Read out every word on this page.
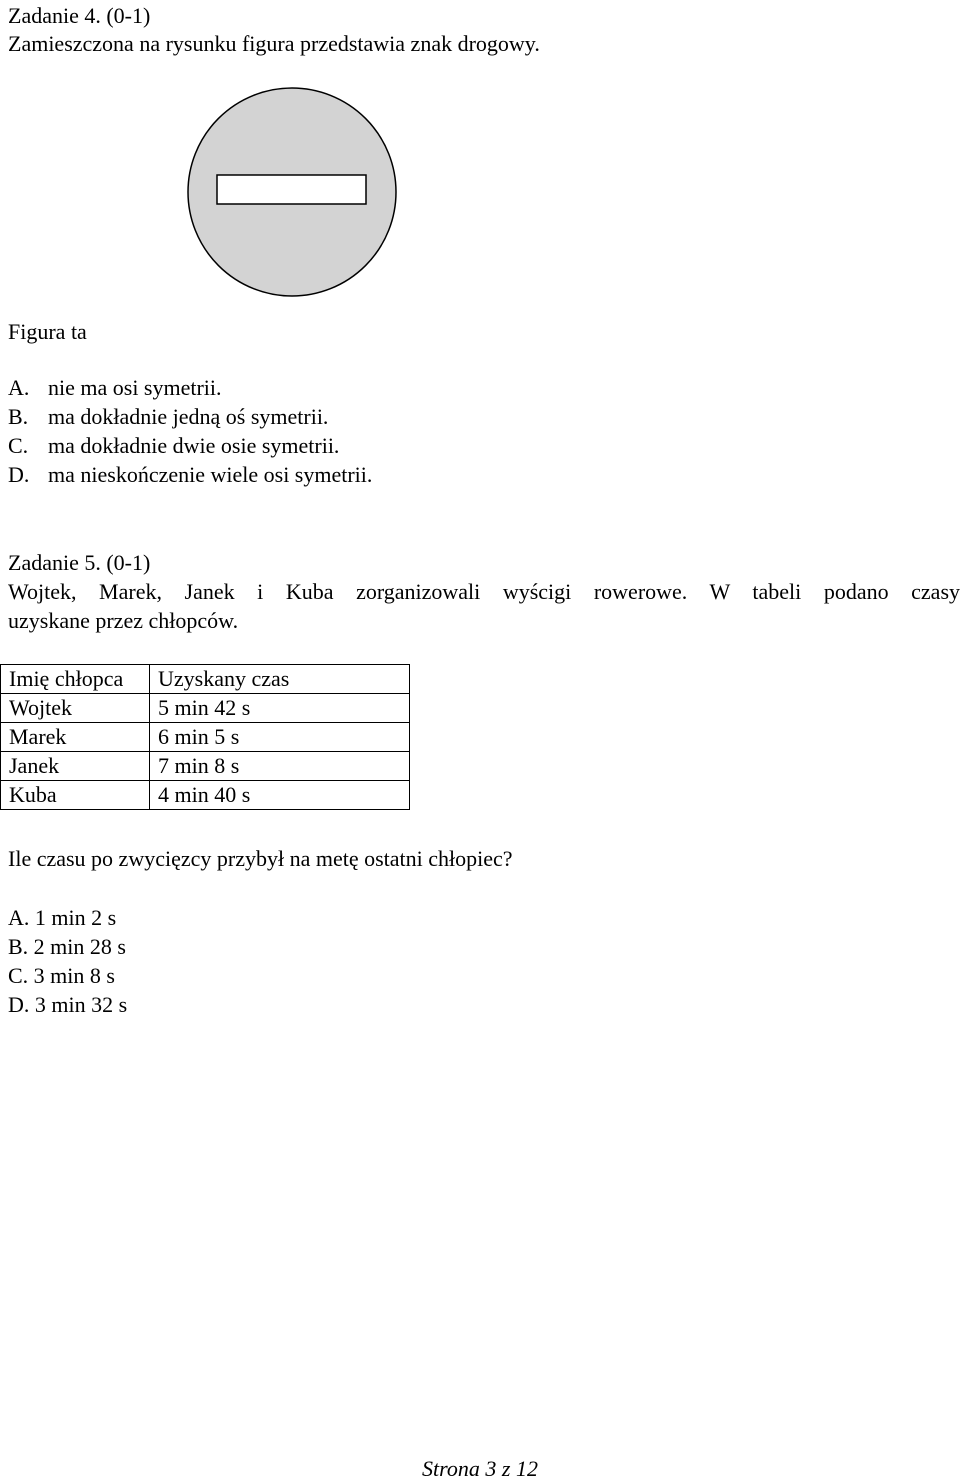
Zadanie 4. (0-1)
Zamieszczona na rysunku figura przedstawia znak drogowy.
Figura ta
A. nie ma osi symetrii.
B. ma dokładnie jedną oś symetrii.
C. ma dokładnie dwie osie symetrii.
D. ma nieskończenie wiele osi symetrii.
Zadanie 5. (0-1)
Wojtek, Marek, Janek i Kuba zorganizowali wyścigi rowerowe. W tabeli podano czasy
uzyskane przez chłopców.
Imię chłopca	Uzyskany czas
Wojtek	5 min 42 s
Marek	6 min 5 s
Janek	7 min 8 s
Kuba	4 min 40 s
Ile czasu po zwycięzcy przybył na metę ostatni chłopiec?
A. 1 min 2 s
B. 2 min 28 s
C. 3 min 8 s
D. 3 min 32 s
Strona 3 z 12
